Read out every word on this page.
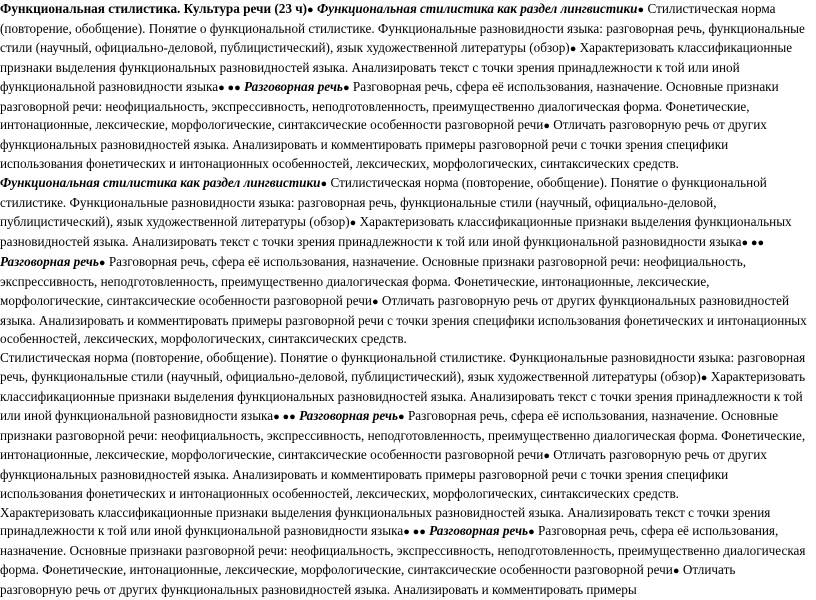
Функциональная стилистика. Культура речи (23 ч)● Функциональная стилистика как раздел лингвистики● Стилистическая норма (повторение, обобщение). Понятие о функциональной стилистике. Функциональные разновидности языка: разговорная речь, функциональные стили (научный, официально-деловой, публицистический), язык художественной литературы (обзор)● Характеризовать классификационные признаки выделения функциональных разновидностей языка. Анализировать текст с точки зрения принадлежности к той или иной функциональной разновидности языка● ●● Разговорная речь● Разговорная речь, сфера её использования, назначение. Основные признаки разговорной речи: неофициальность, экспрессивность, неподготовленность, преимущественно диалогическая форма. Фонетические, интонационные, лексические, морфологические, синтаксические особенности разговорной речи● Отличать разговорную речь от других функциональных разновидностей языка. Анализировать и комментировать примеры разговорной речи с точки зрения специфики использования фонетических и интонационных особенностей, лексических, морфологических, синтаксических средств.

Функциональная стилистика как раздел лингвистики● Стилистическая норма (повторение, обобщение). Понятие о функциональной стилистике. Функциональные разновидности языка: разговорная речь, функциональные стили (научный, официально-деловой, публицистический), язык художественной литературы (обзор)● Характеризовать классификационные признаки выделения функциональных разновидностей языка. Анализировать текст с точки зрения принадлежности к той или иной функциональной разновидности языка● ●● Разговорная речь● Разговорная речь, сфера её использования, назначение. Основные признаки разговорной речи: неофициальность, экспрессивность, неподготовленность, преимущественно диалогическая форма. Фонетические, интонационные, лексические, морфологические, синтаксические особенности разговорной речи● Отличать разговорную речь от других функциональных разновидностей языка. Анализировать и комментировать примеры разговорной речи с точки зрения специфики использования фонетических и интонационных особенностей, лексических, морфологических, синтаксических средств.

Стилистическая норма (повторение, обобщение). Понятие о функциональной стилистике. Функциональные разновидности языка: разговорная речь, функциональные стили (научный, официально-деловой, публицистический), язык художественной литературы (обзор)● Характеризовать классификационные признаки выделения функциональных разновидностей языка. Анализировать текст с точки зрения принадлежности к той или иной функциональной разновидности языка● ●● Разговорная речь● Разговорная речь, сфера её использования, назначение. Основные признаки разговорной речи: неофициальность, экспрессивность, неподготовленность, преимущественно диалогическая форма. Фонетические, интонационные, лексические, морфологические, синтаксические особенности разговорной речи● Отличать разговорную речь от других функциональных разновидностей языка. Анализировать и комментировать примеры разговорной речи с точки зрения специфики использования фонетических и интонационных особенностей, лексических, морфологических, синтаксических средств.

Характеризовать классификационные признаки выделения функциональных разновидностей языка. Анализировать текст с точки зрения принадлежности к той или иной функциональной разновидности языка● ●● Разговорная речь● Разговорная речь, сфера её использования, назначение. Основные признаки разговорной речи: неофициальность, экспрессивность, неподготовленность, преимущественно диалогическая форма. Фонетические, интонационные, лексические, морфологические, синтаксические особенности разговорной речи● Отличать разговорную речь от других функциональных разновидностей языка. Анализировать и комментировать примеры
